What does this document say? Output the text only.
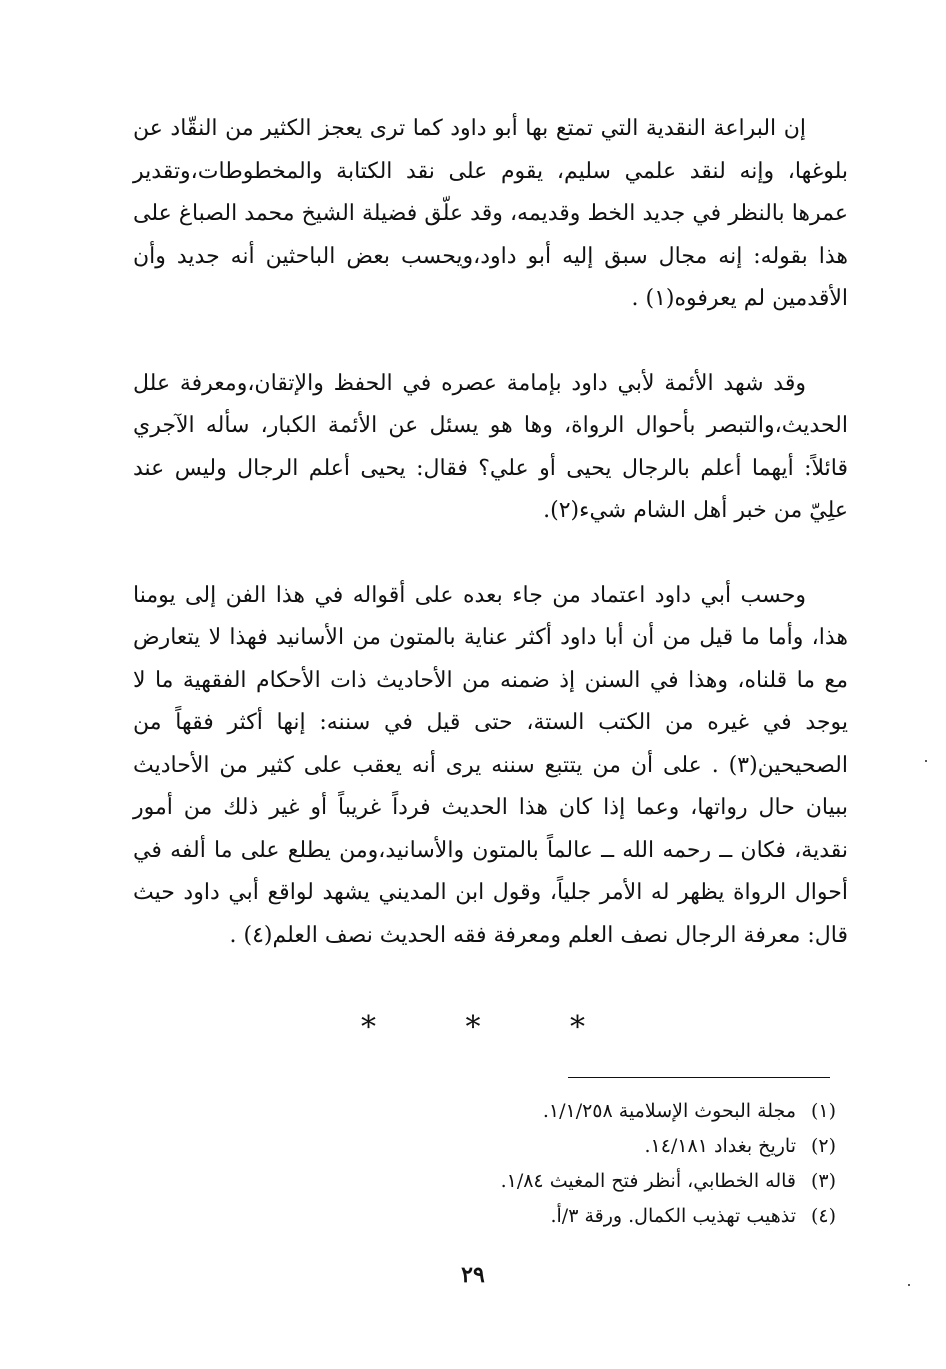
إن البراعة النقدية التي تمتع بها أبو داود كما ترى يعجز الكثير من النقّاد عن بلوغها، وإنه لنقد علمي سليم، يقوم على نقد الكتابة والمخطوطات،وتقدير عمرها بالنظر في جديد الخط وقديمه، وقد علّق فضيلة الشيخ محمد الصباغ على هذا بقوله: إنه مجال سبق إليه أبو داود،ويحسب بعض الباحثين أنه جديد وأن الأقدمين لم يعرفوه(١) .

وقد شهد الأئمة لأبي داود بإمامة عصره في الحفظ والإتقان،ومعرفة علل الحديث،والتبصر بأحوال الرواة، وها هو يسئل عن الأئمة الكبار، سأله الآجري قائلاً: أيهما أعلم بالرجال يحيى أو علي؟ فقال: يحيى أعلم الرجال وليس عند علِيّ من خبر أهل الشام شيء(٢).

وحسب أبي داود اعتماد من جاء بعده على أقواله في هذا الفن إلى يومنا هذا، وأما ما قيل من أن أبا داود أكثر عناية بالمتون من الأسانيد فهذا لا يتعارض مع ما قلناه، وهذا في السنن إذ ضمنه من الأحاديث ذات الأحكام الفقهية ما لا يوجد في غيره من الكتب الستة، حتى قيل في سننه: إنها أكثر فقهاً من الصحيحين(٣) . على أن من يتتبع سننه يرى أنه يعقب على كثير من الأحاديث ببيان حال رواتها، وعما إذا كان هذا الحديث فرداً غريباً أو غير ذلك من أمور نقدية، فكان ــ رحمه الله ــ عالماً بالمتون والأسانيد،ومن يطلع على ما ألفه في أحوال الرواة يظهر له الأمر جلياً، وقول ابن المديني يشهد لواقع أبي داود حيث قال: معرفة الرجال نصف العلم ومعرفة فقه الحديث نصف العلم(٤) .

* * *
(١)
مجلة البحوث الإسلامية ١/١/٢٥٨.
(٢)
تاريخ بغداد ١٤/١٨١.
(٣)
قاله الخطابي، أنظر فتح المغيث ١/٨٤.
(٤)
تذهيب تهذيب الكمال. ورقة ٣/أ.
٢٩
